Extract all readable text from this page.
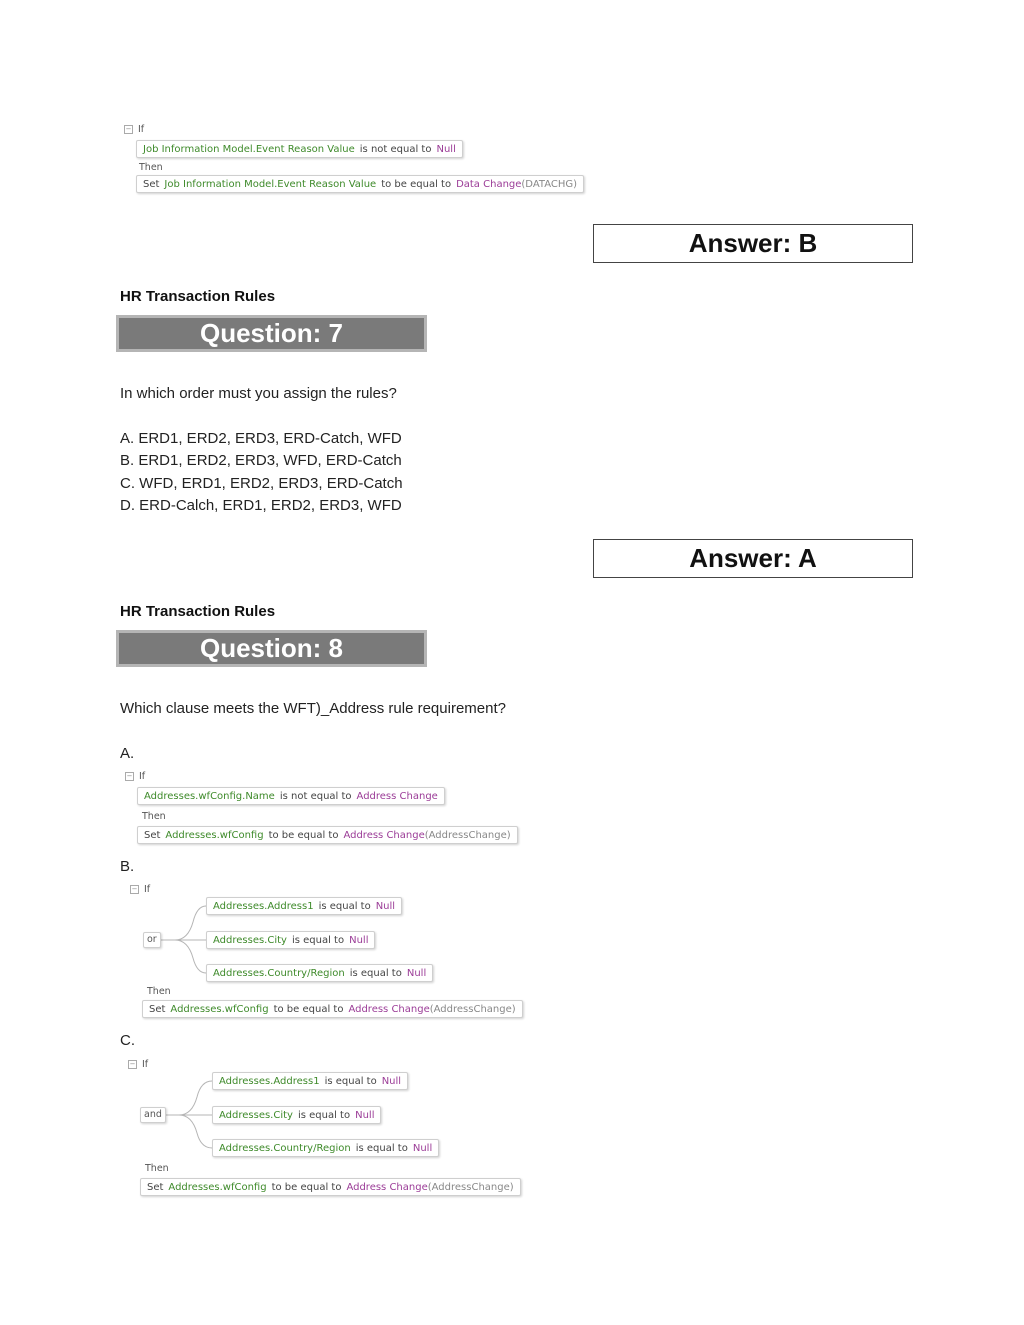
− If
Job Information Model.Event Reason Value is not equal to Null
Then
Set Job Information Model.Event Reason Value to be equal to Data Change(DATACHG)
Answer: B
HR Transaction Rules
Question: 7
In which order must you assign the rules?
A. ERD1, ERD2, ERD3, ERD-Catch, WFD
B. ERD1, ERD2, ERD3, WFD, ERD-Catch
C. WFD, ERD1, ERD2, ERD3, ERD-Catch
D. ERD-Calch, ERD1, ERD2, ERD3, WFD
Answer: A
HR Transaction Rules
Question: 8
Which clause meets the WFT)_Address rule requirement?
A.
− If
Addresses.wfConfig.Name is not equal to Address Change
Then
Set Addresses.wfConfig to be equal to Address Change(AddressChange)
B.
− If
or
Addresses.Address1 is equal to Null
Addresses.City is equal to Null
Addresses.Country/Region is equal to Null
Then
Set Addresses.wfConfig to be equal to Address Change(AddressChange)
C.
− If
and
Addresses.Address1 is equal to Null
Addresses.City is equal to Null
Addresses.Country/Region is equal to Null
Then
Set Addresses.wfConfig to be equal to Address Change(AddressChange)
